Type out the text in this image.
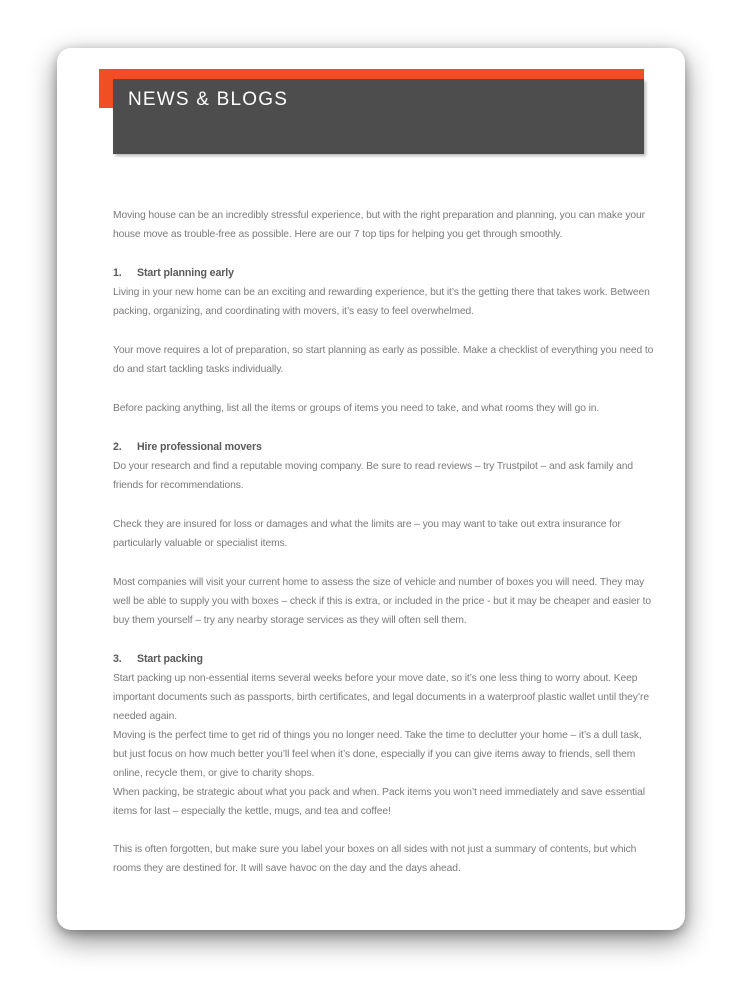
NEWS & BLOGS

Moving house can be an incredibly stressful experience, but with the right preparation and planning, you can make your house move as trouble-free as possible. Here are our 7 top tips for helping you get through smoothly.

1. Start planning early

Living in your new home can be an exciting and rewarding experience, but it’s the getting there that takes work. Between packing, organizing, and coordinating with movers, it’s easy to feel overwhelmed.

Your move requires a lot of preparation, so start planning as early as possible. Make a checklist of everything you need to do and start tackling tasks individually.

Before packing anything, list all the items or groups of items you need to take, and what rooms they will go in.

2. Hire professional movers

Do your research and find a reputable moving company. Be sure to read reviews – try Trustpilot – and ask family and friends for recommendations.

Check they are insured for loss or damages and what the limits are – you may want to take out extra insurance for particularly valuable or specialist items.

Most companies will visit your current home to assess the size of vehicle and number of boxes you will need. They may well be able to supply you with boxes – check if this is extra, or included in the price - but it may be cheaper and easier to buy them yourself – try any nearby storage services as they will often sell them.

3. Start packing

Start packing up non-essential items several weeks before your move date, so it’s one less thing to worry about. Keep important documents such as passports, birth certificates, and legal documents in a waterproof plastic wallet until they’re needed again.

Moving is the perfect time to get rid of things you no longer need. Take the time to declutter your home – it’s a dull task, but just focus on how much better you’ll feel when it’s done, especially if you can give items away to friends, sell them online, recycle them, or give to charity shops.

When packing, be strategic about what you pack and when. Pack items you won’t need immediately and save essential items for last – especially the kettle, mugs, and tea and coffee!

This is often forgotten, but make sure you label your boxes on all sides with not just a summary of contents, but which rooms they are destined for. It will save havoc on the day and the days ahead.
